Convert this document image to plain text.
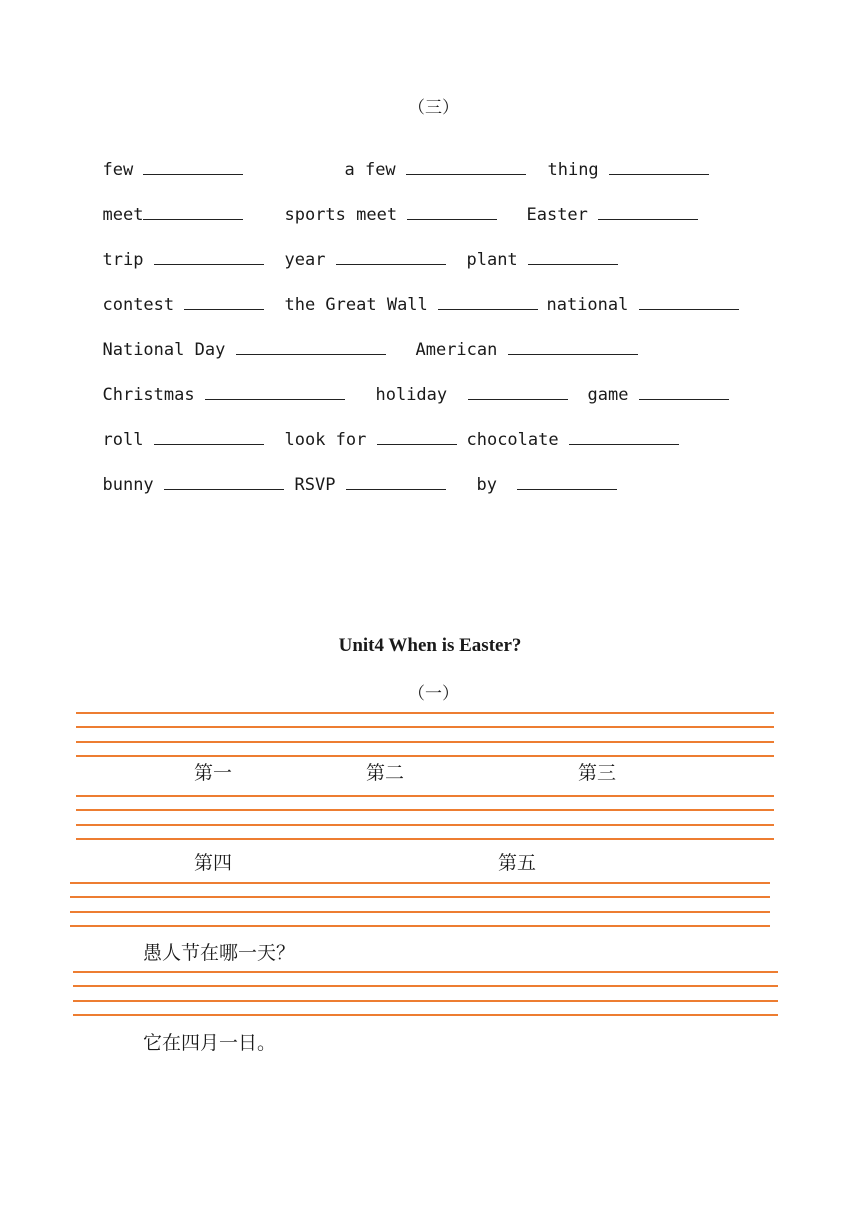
（三）

few	a few	thing

meet	sports meet	Easter

trip	year	plant

contest	the Great Wall	national

National Day	American

Christmas	holiday	game

roll	look for	chocolate

bunny	RSVP	by

Unit4 When is Easter?
（一）
第一	第二	第三
第四	第五
愚人节在哪一天？
它在四月一日。
